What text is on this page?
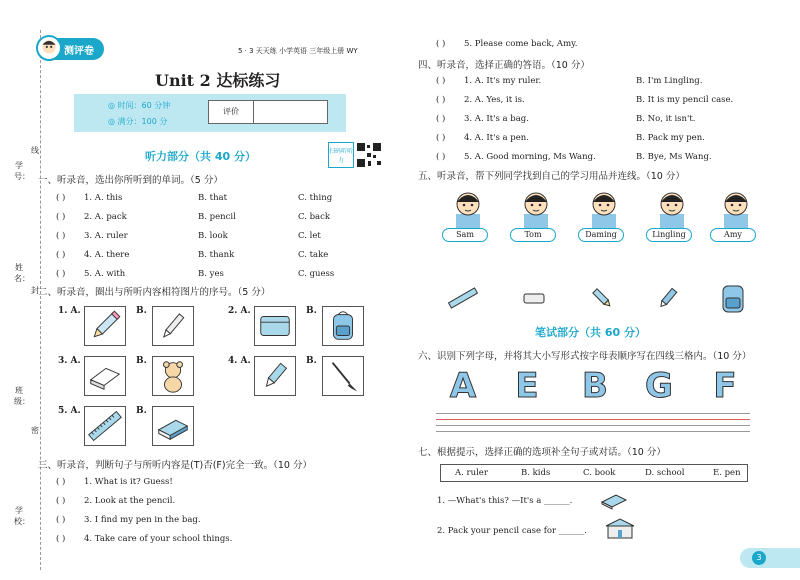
学号：
线
姓名：
封
班级：
密
学校：
测评卷	5 · 3 天天练 小学英语 三年级上册 WY
Unit 2 达标练习
◎ 时间：60 分钟
◎ 满分：100 分
评价
扫码听听力
听力部分（共 40 分）
一、听录音，选出你所听到的单词。（5 分）
( ) 1. A. this	B. that	C. thing
( ) 2. A. pack	B. pencil	C. back
( ) 3. A. ruler	B. look	C. let
( ) 4. A. there	B. thank	C. take
( ) 5. A. with	B. yes	C. guess
二、听录音，圈出与所听内容相符图片的序号。（5 分）
1. A.	B.	2. A.	B.
3. A.	B.	4. A.	B.
5. A.	B.
三、听录音，判断句子与所听内容是(T)否(F)完全一致。（10 分）
( ) 1. What is it? Guess!
( ) 2. Look at the pencil.
( ) 3. I find my pen in the bag.
( ) 4. Take care of your school things.
( ) 5. Please come back, Amy.
四、听录音，选择正确的答语。（10 分）
( ) 1. A. It's my ruler.	B. I'm Lingling.
( ) 2. A. Yes, it is.	B. It is my pencil case.
( ) 3. A. It's a bag.	B. No, it isn't.
( ) 4. A. It's a pen.	B. Pack my pen.
( ) 5. A. Good morning, Ms Wang.	B. Bye, Ms Wang.
五、听录音，帮下列同学找到自己的学习用品并连线。（10 分）
Sam	Tom	Daming	Lingling	Amy
笔试部分（共 60 分）
六、识别下列字母，并将其大小写形式按字母表顺序写在四线三格内。（10 分）
A E B G F
七、根据提示，选择正确的选项补全句子或对话。（10 分）
A. ruler	B. kids	C. book	D. school	E. pen
1. —What's this? —It's a ______.
2. Pack your pencil case for ______.
3
